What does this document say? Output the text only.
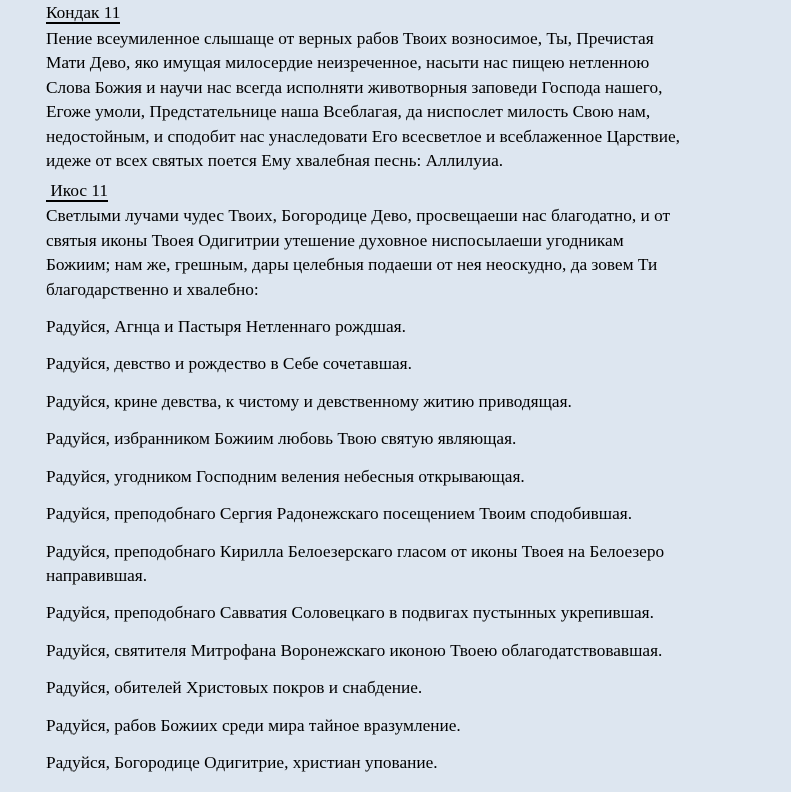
Кондак 11

Пение всеумиленное слышаще от верных рабов Твоих возносимое, Ты, Пречистая
Мати Дево, яко имущая милосердие неизреченное, насыти нас пищею нетленною
Слова Божия и научи нас всегда исполняти животворныя заповеди Господа нашего,
Егоже умоли, Предстательнице наша Всеблагая, да ниспослет милость Свою нам,
недостойным, и сподобит нас унаследовати Его всесветлое и всеблаженное Царствие,
идеже от всех святых поется Ему хвалебная песнь: Аллилуиа.

Икос 11

Светлыми лучами чудес Твоих, Богородице Дево, просвещаеши нас благодатно, и от
святыя иконы Твоея Одигитрии утешение духовное ниспосылаеши угодникам
Божиим; нам же, грешным, дары целебныя подаеши от нея неоскудно, да зовем Ти
благодарственно и хвалебно:

Радуйся, Агнца и Пастыря Нетленнаго рождшая.
Радуйся, девство и рождество в Себе сочетавшая.
Радуйся, крине девства, к чистому и девственному житию приводящая.
Радуйся, избранником Божиим любовь Твою святую являющая.
Радуйся, угодником Господним веления небесныя открывающая.
Радуйся, преподобнаго Сергия Радонежскаго посещением Твоим сподобившая.
Радуйся, преподобнаго Кирилла Белоезерскаго гласом от иконы Твоея на Белоезеро
направившая.
Радуйся, преподобнаго Савватия Соловецкаго в подвигах пустынных укрепившая.
Радуйся, святителя Митрофана Воронежскаго иконою Твоею облагодатствовавшая.
Радуйся, обителей Христовых покров и снабдение.
Радуйся, рабов Божиих среди мира тайное вразумление.
Радуйся, Богородице Одигитрие, христиан упование.
